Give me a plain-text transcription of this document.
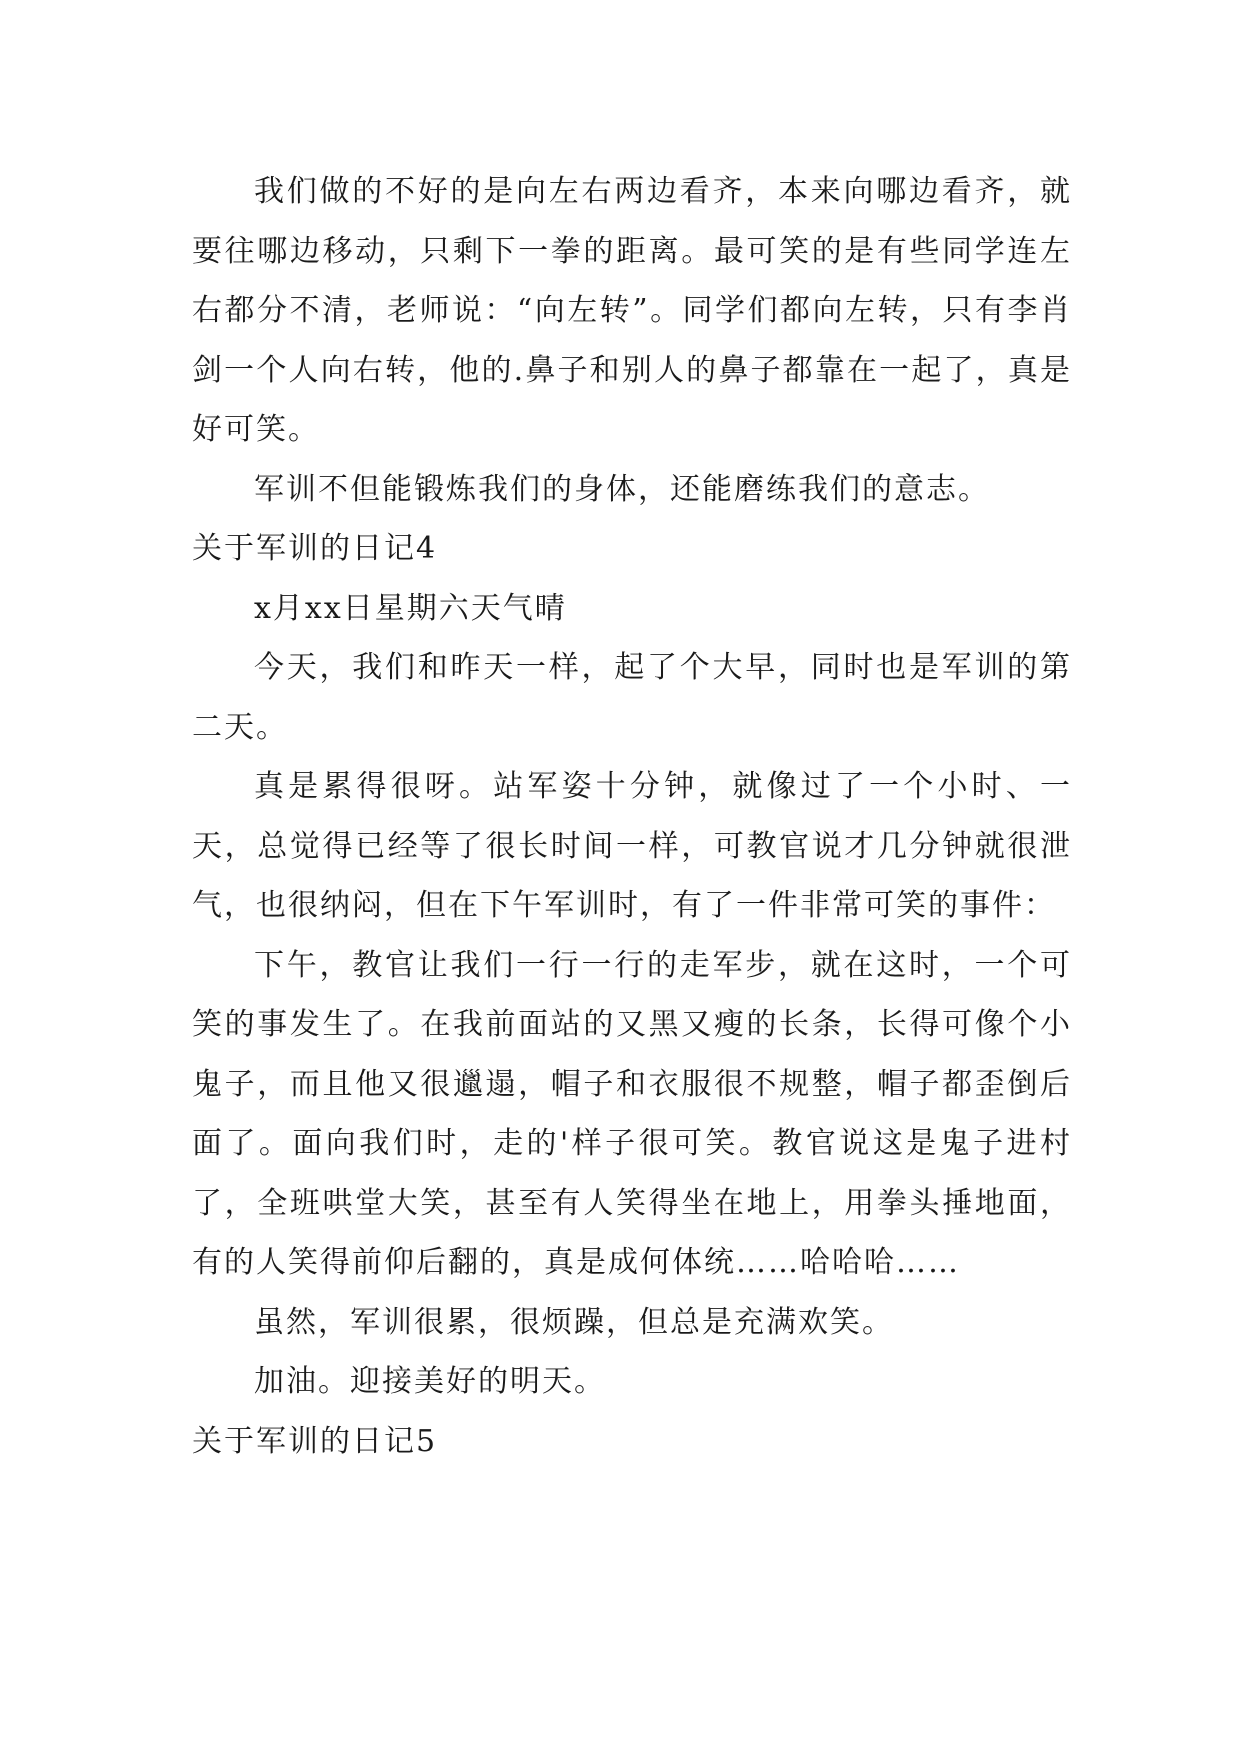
我们做的不好的是向左右两边看齐，本来向哪边看齐，就要往哪边移动，只剩下一拳的距离。最可笑的是有些同学连左右都分不清，老师说：“向左转”。同学们都向左转，只有李肖剑一个人向右转，他的.鼻子和别人的鼻子都靠在一起了，真是好可笑。

军训不但能锻炼我们的身体，还能磨练我们的意志。

关于军训的日记4

x月xx日星期六天气晴

今天，我们和昨天一样，起了个大早，同时也是军训的第二天。

真是累得很呀。站军姿十分钟，就像过了一个小时、一天，总觉得已经等了很长时间一样，可教官说才几分钟就很泄气，也很纳闷，但在下午军训时，有了一件非常可笑的事件：

下午，教官让我们一行一行的走军步，就在这时，一个可笑的事发生了。在我前面站的又黑又瘦的长条，长得可像个小鬼子，而且他又很邋遢，帽子和衣服很不规整，帽子都歪倒后面了。面向我们时，走的'样子很可笑。教官说这是鬼子进村了，全班哄堂大笑，甚至有人笑得坐在地上，用拳头捶地面，有的人笑得前仰后翻的，真是成何体统……哈哈哈……

虽然，军训很累，很烦躁，但总是充满欢笑。

加油。迎接美好的明天。

关于军训的日记5
